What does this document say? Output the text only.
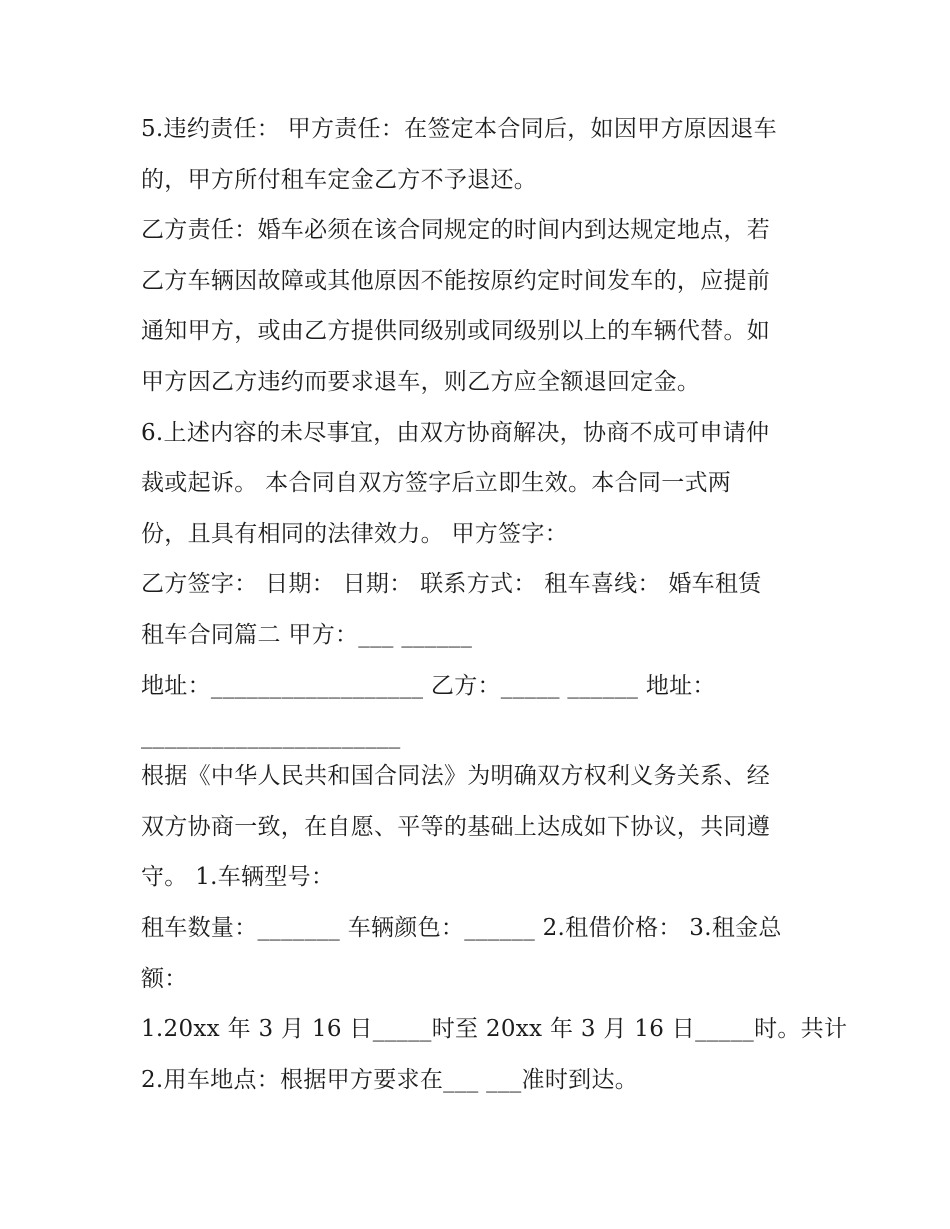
5.违约责任： 甲方责任：在签定本合同后，如因甲方原因退车
的，甲方所付租车定金乙方不予退还。
乙方责任：婚车必须在该合同规定的时间内到达规定地点，若
乙方车辆因故障或其他原因不能按原约定时间发车的，应提前
通知甲方，或由乙方提供同级别或同级别以上的车辆代替。如
甲方因乙方违约而要求退车，则乙方应全额退回定金。
6.上述内容的未尽事宜，由双方协商解决，协商不成可申请仲
裁或起诉。 本合同自双方签字后立即生效。本合同一式两
份，且具有相同的法律效力。 甲方签字：
乙方签字： 日期： 日期： 联系方式： 租车喜线： 婚车租赁
租车合同篇二 甲方：___ ______
地址：__________________ 乙方：_____ ______ 地址：
______________________
根据《中华人民共和国合同法》为明确双方权利义务关系、经
双方协商一致，在自愿、平等的基础上达成如下协议，共同遵
守。 1.车辆型号：
租车数量：_______ 车辆颜色：______ 2.租借价格： 3.租金总
额：
1.20xx 年 3 月 16 日_____时至 20xx 年 3 月 16 日_____时。共计
2.用车地点：根据甲方要求在___ ___准时到达。
